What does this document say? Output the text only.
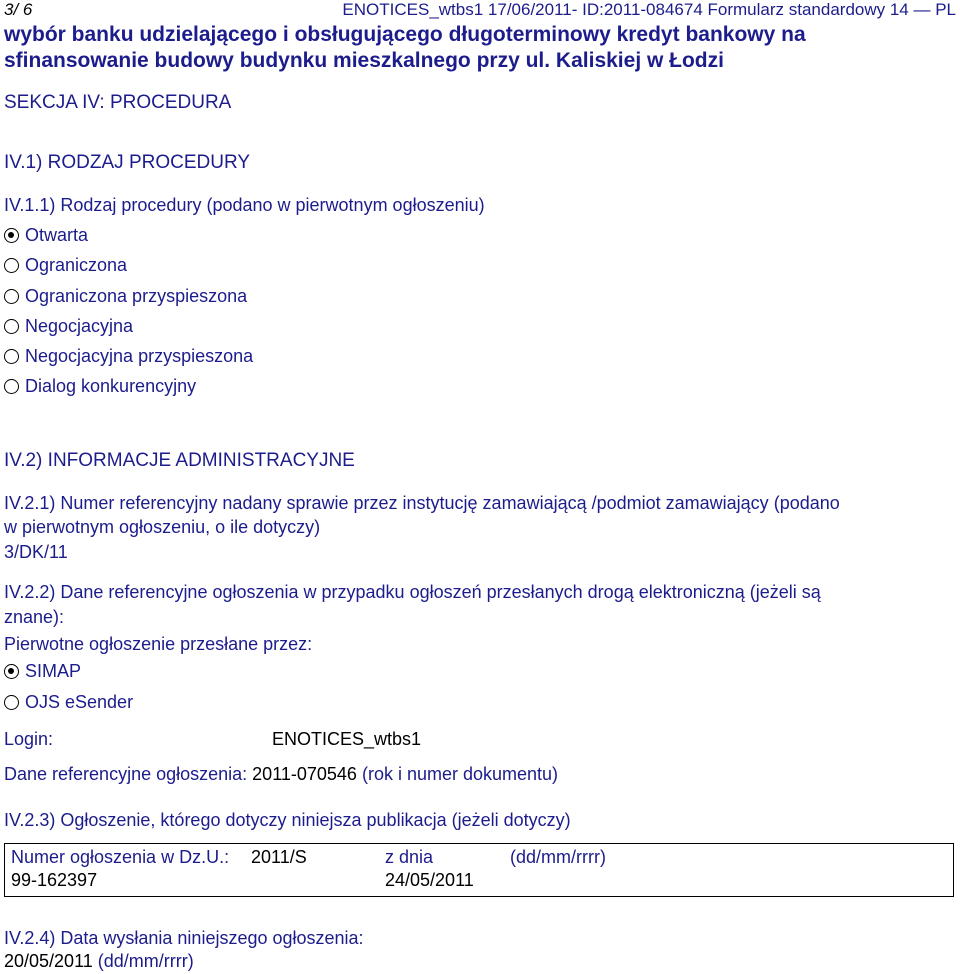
3/ 6	ENOTICES_wtbs1 17/06/2011- ID:2011-084674 Formularz standardowy 14 — PL
wybór banku udzielającego i obsługującego długoterminowy kredyt bankowy na
sfinansowanie budowy budynku mieszkalnego przy ul. Kaliskiej w Łodzi
SEKCJA IV: PROCEDURA
IV.1) RODZAJ PROCEDURY
IV.1.1) Rodzaj procedury (podano w pierwotnym ogłoszeniu)
Otwarta
Ograniczona
Ograniczona przyspieszona
Negocjacyjna
Negocjacyjna przyspieszona
Dialog konkurencyjny
IV.2) INFORMACJE ADMINISTRACYJNE
IV.2.1) Numer referencyjny nadany sprawie przez instytucję zamawiającą /podmiot zamawiający (podano
w pierwotnym ogłoszeniu, o ile dotyczy)
3/DK/11
IV.2.2) Dane referencyjne ogłoszenia w przypadku ogłoszeń przesłanych drogą elektroniczną (jeżeli są
znane):
Pierwotne ogłoszenie przesłane przez:
SIMAP
OJS eSender
Login:	ENOTICES_wtbs1
Dane referencyjne ogłoszenia: 2011-070546 (rok i numer dokumentu)
IV.2.3) Ogłoszenie, którego dotyczy niniejsza publikacja (jeżeli dotyczy)
Numer ogłoszenia w Dz.U.: 2011/S
99-162397
z dnia
24/05/2011
(dd/mm/rrrr)
IV.2.4) Data wysłania niniejszego ogłoszenia:
20/05/2011 (dd/mm/rrrr)
